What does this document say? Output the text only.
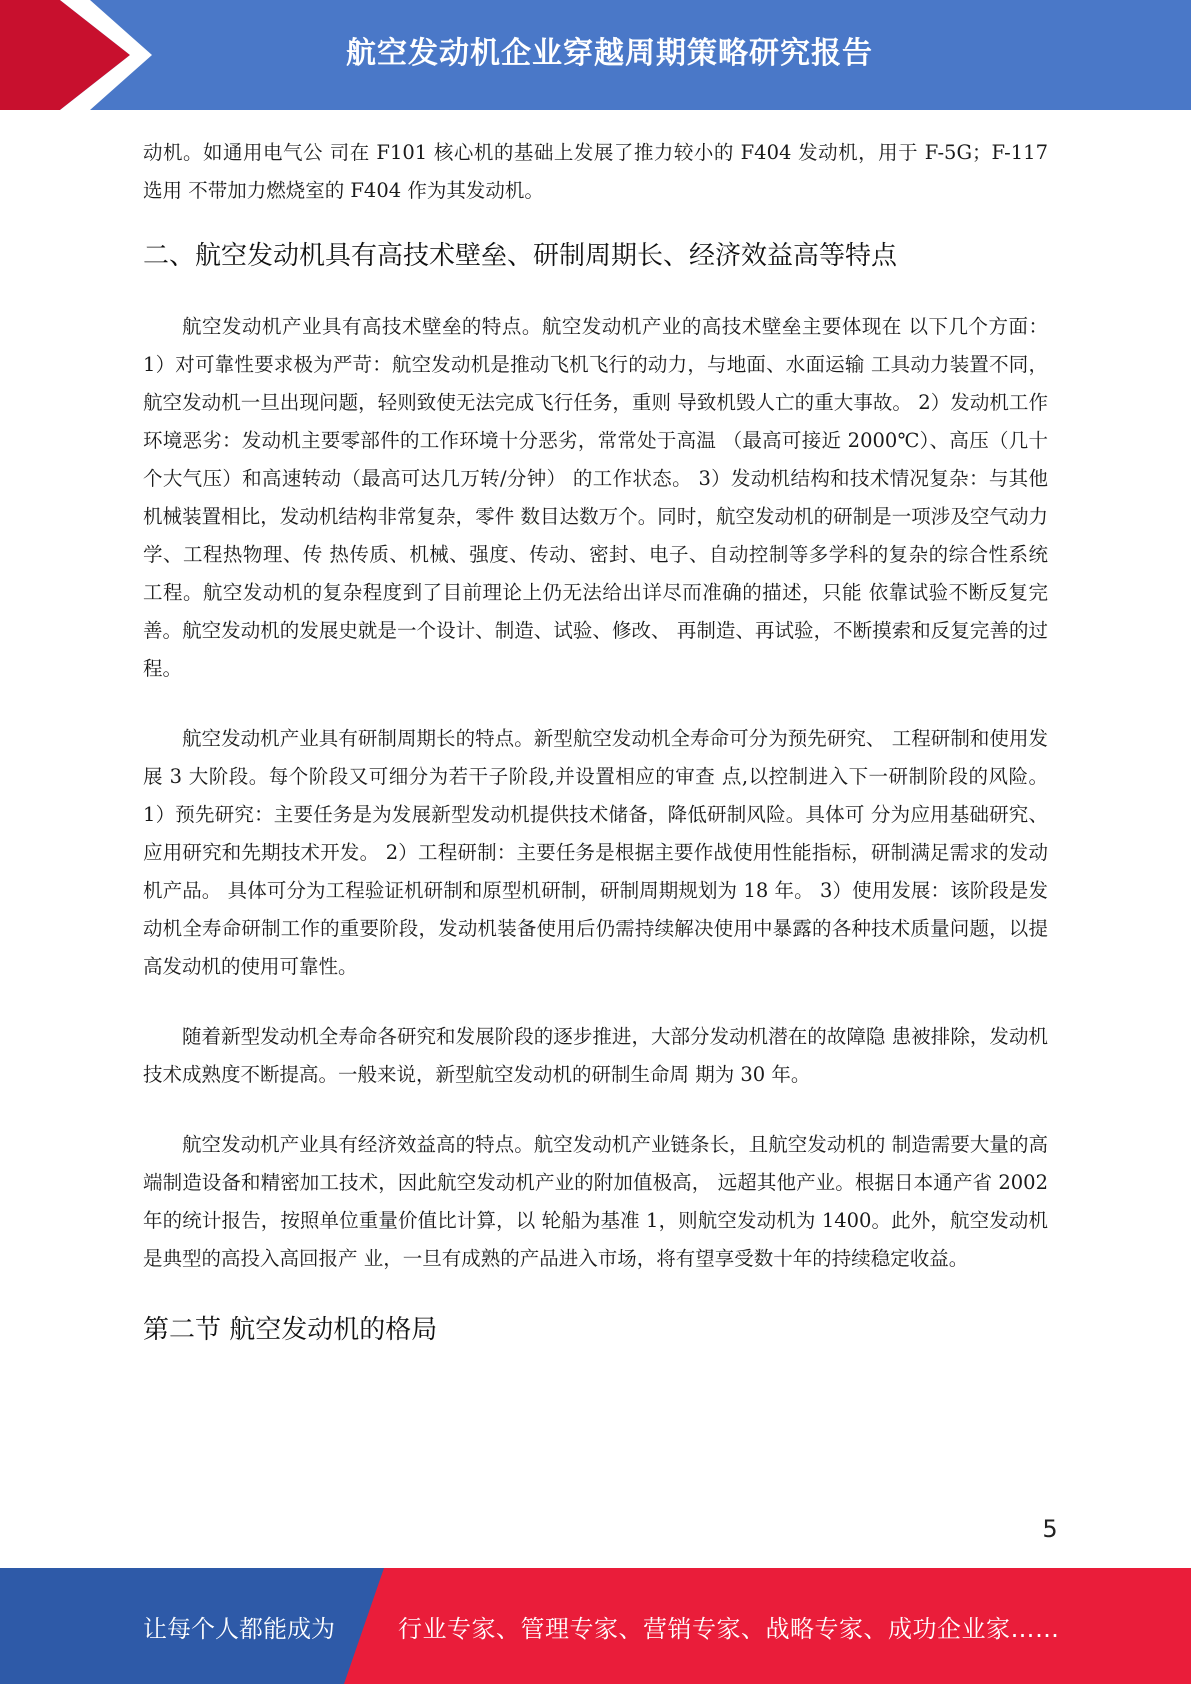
航空发动机企业穿越周期策略研究报告

动机。如通用电气公 司在 F101 核心机的基础上发展了推力较小的 F404 发动机，用于 F-5G；F-117 选用 不带加力燃烧室的 F404 作为其发动机。

二、航空发动机具有高技术壁垒、研制周期长、经济效益高等特点

航空发动机产业具有高技术壁垒的特点。航空发动机产业的高技术壁垒主要体现在 以下几个方面： 1）对可靠性要求极为严苛：航空发动机是推动飞机飞行的动力，与地面、水面运输 工具动力装置不同，航空发动机一旦出现问题，轻则致使无法完成飞行任务，重则 导致机毁人亡的重大事故。 2）发动机工作环境恶劣：发动机主要零部件的工作环境十分恶劣，常常处于高温 （最高可接近 2000℃）、高压（几十个大气压）和高速转动（最高可达几万转/分钟） 的工作状态。 3）发动机结构和技术情况复杂：与其他机械装置相比，发动机结构非常复杂，零件 数目达数万个。同时，航空发动机的研制是一项涉及空气动力学、工程热物理、传 热传质、机械、强度、传动、密封、电子、自动控制等多学科的复杂的综合性系统 工程。航空发动机的复杂程度到了目前理论上仍无法给出详尽而准确的描述，只能 依靠试验不断反复完善。航空发动机的发展史就是一个设计、制造、试验、修改、 再制造、再试验，不断摸索和反复完善的过程。

航空发动机产业具有研制周期长的特点。新型航空发动机全寿命可分为预先研究、 工程研制和使用发展 3 大阶段。每个阶段又可细分为若干子阶段,并设置相应的审查 点,以控制进入下一研制阶段的风险。 1）预先研究：主要任务是为发展新型发动机提供技术储备，降低研制风险。具体可 分为应用基础研究、应用研究和先期技术开发。 2）工程研制：主要任务是根据主要作战使用性能指标，研制满足需求的发动机产品。 具体可分为工程验证机研制和原型机研制，研制周期规划为 18 年。 3）使用发展：该阶段是发动机全寿命研制工作的重要阶段，发动机装备使用后仍需持续解决使用中暴露的各种技术质量问题，以提高发动机的使用可靠性。

随着新型发动机全寿命各研究和发展阶段的逐步推进，大部分发动机潜在的故障隐 患被排除，发动机技术成熟度不断提高。一般来说，新型航空发动机的研制生命周 期为 30 年。

航空发动机产业具有经济效益高的特点。航空发动机产业链条长，且航空发动机的 制造需要大量的高端制造设备和精密加工技术，因此航空发动机产业的附加值极高， 远超其他产业。根据日本通产省 2002 年的统计报告，按照单位重量价值比计算，以 轮船为基准 1，则航空发动机为 1400。此外，航空发动机是典型的高投入高回报产 业，一旦有成熟的产品进入市场，将有望享受数十年的持续稳定收益。

第二节 航空发动机的格局
5
让每个人都能成为	行业专家、管理专家、营销专家、战略专家、成功企业家……
